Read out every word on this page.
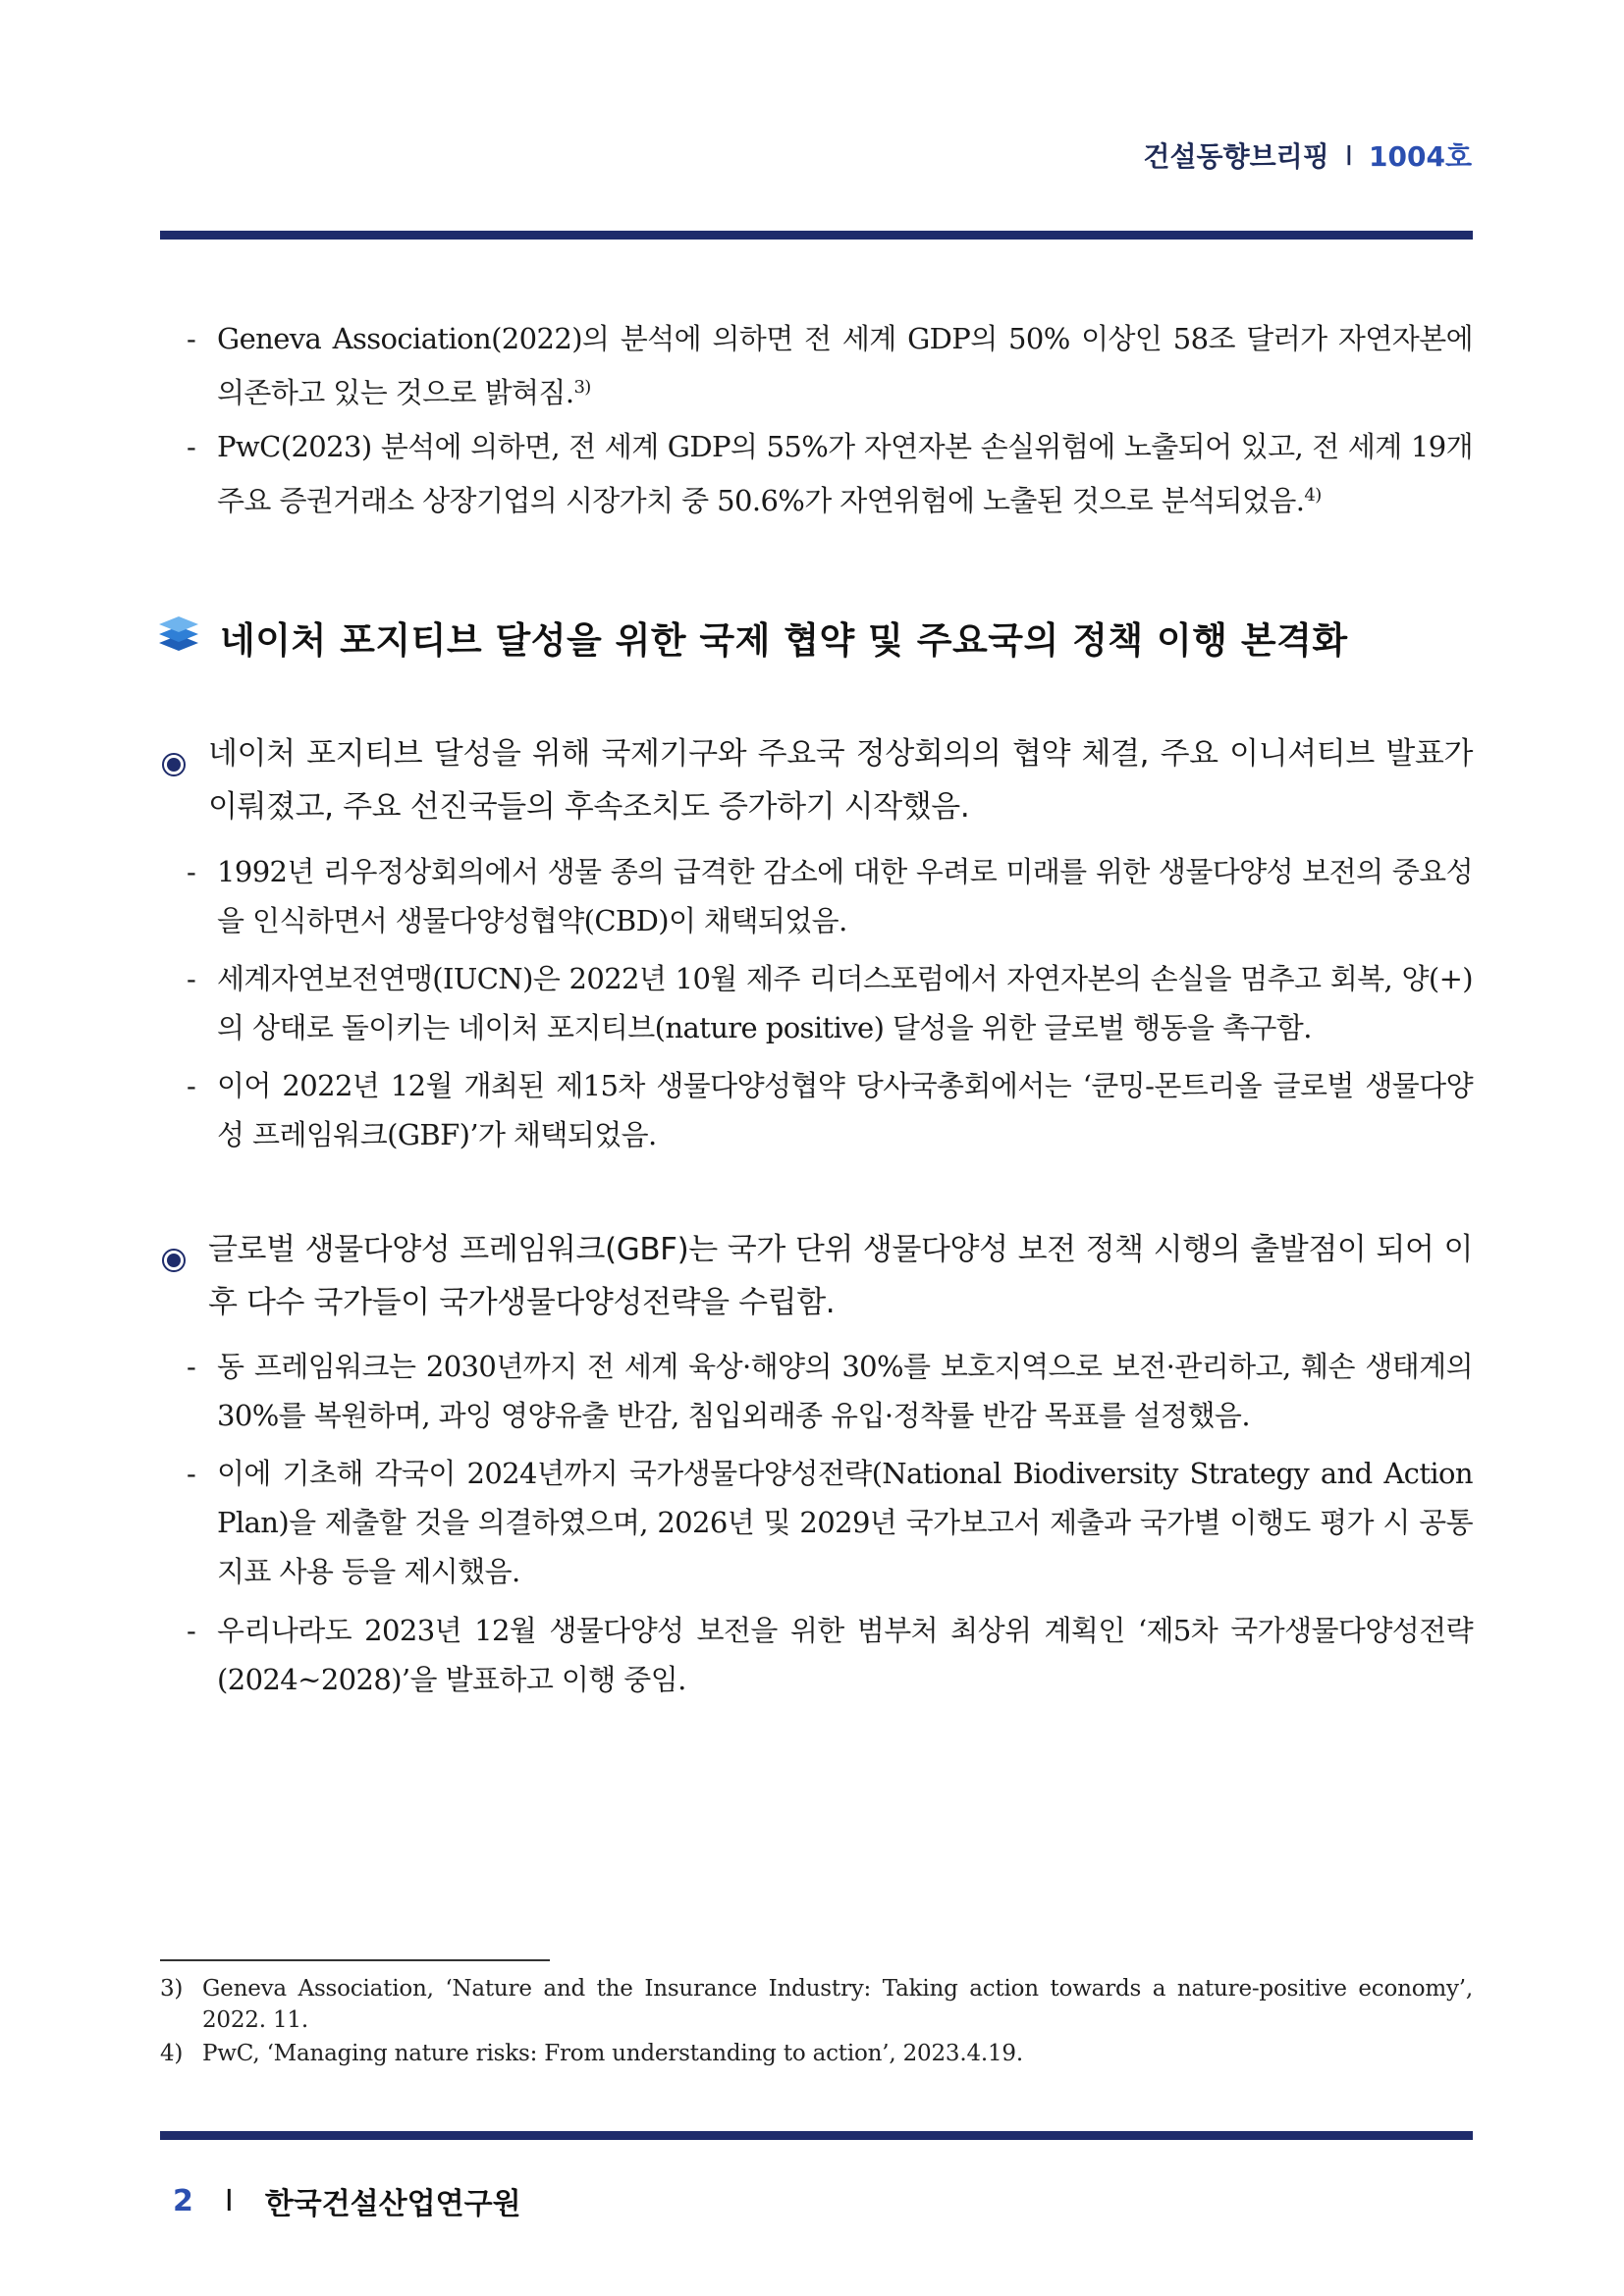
건설동향브리핑 I 1004호
- Geneva Association(2022)의 분석에 의하면 전 세계 GDP의 50% 이상인 58조 달러가 자연자본에 의존하고 있는 것으로 밝혀짐.$^{3)}$
- PwC(2023) 분석에 의하면, 전 세계 GDP의 55%가 자연자본 손실위험에 노출되어 있고, 전 세계 19개 주요 증권거래소 상장기업의 시장가치 중 50.6%가 자연위험에 노출된 것으로 분석되었음.$^{4)}$
네이처 포지티브 달성을 위한 국제 협약 및 주요국의 정책 이행 본격화
네이처 포지티브 달성을 위해 국제기구와 주요국 정상회의의 협약 체결, 주요 이니셔티브 발표가 이뤄졌고, 주요 선진국들의 후속조치도 증가하기 시작했음.
- 1992년 리우정상회의에서 생물 종의 급격한 감소에 대한 우려로 미래를 위한 생물다양성 보전의 중요성을 인식하면서 생물다양성협약(CBD)이 채택되었음.
- 세계자연보전연맹(IUCN)은 2022년 10월 제주 리더스포럼에서 자연자본의 손실을 멈추고 회복, 양(+)의 상태로 돌이키는 네이처 포지티브(nature positive) 달성을 위한 글로벌 행동을 촉구함.
- 이어 2022년 12월 개최된 제15차 생물다양성협약 당사국총회에서는 ‘쿤밍-몬트리올 글로벌 생물다양성 프레임워크(GBF)’가 채택되었음.
글로벌 생물다양성 프레임워크(GBF)는 국가 단위 생물다양성 보전 정책 시행의 출발점이 되어 이후 다수 국가들이 국가생물다양성전략을 수립함.
- 동 프레임워크는 2030년까지 전 세계 육상·해양의 30%를 보호지역으로 보전·관리하고, 훼손 생태계의 30%를 복원하며, 과잉 영양유출 반감, 침입외래종 유입·정착률 반감 목표를 설정했음.
- 이에 기초해 각국이 2024년까지 국가생물다양성전략(National Biodiversity Strategy and Action Plan)을 제출할 것을 의결하였으며, 2026년 및 2029년 국가보고서 제출과 국가별 이행도 평가 시 공통 지표 사용 등을 제시했음.
- 우리나라도 2023년 12월 생물다양성 보전을 위한 범부처 최상위 계획인 ‘제5차 국가생물다양성전략(2024~2028)’을 발표하고 이행 중임.
3) Geneva Association, ‘Nature and the Insurance Industry: Taking action towards a nature-positive economy’, 2022. 11.
4) PwC, ‘Managing nature risks: From understanding to action’, 2023.4.19.
2 I 한국건설산업연구원
